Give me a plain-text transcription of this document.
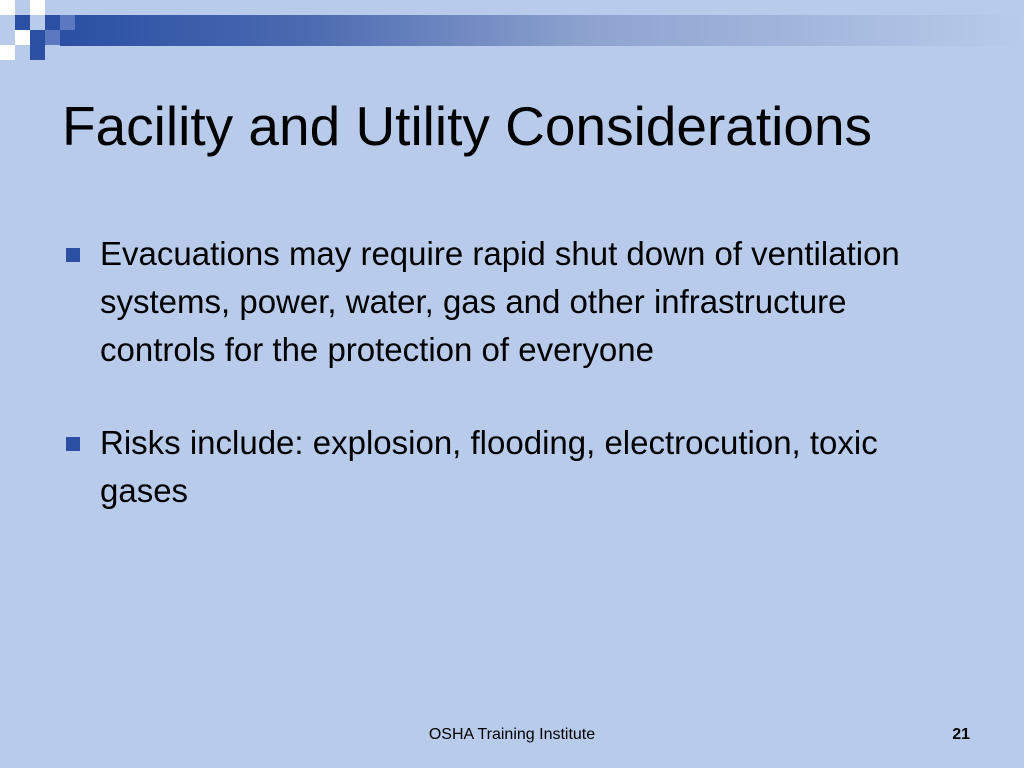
Facility and Utility Considerations
Evacuations may require rapid shut down of ventilation systems, power, water, gas and other infrastructure controls for the protection of everyone
Risks include: explosion, flooding, electrocution, toxic gases
OSHA Training Institute	21
